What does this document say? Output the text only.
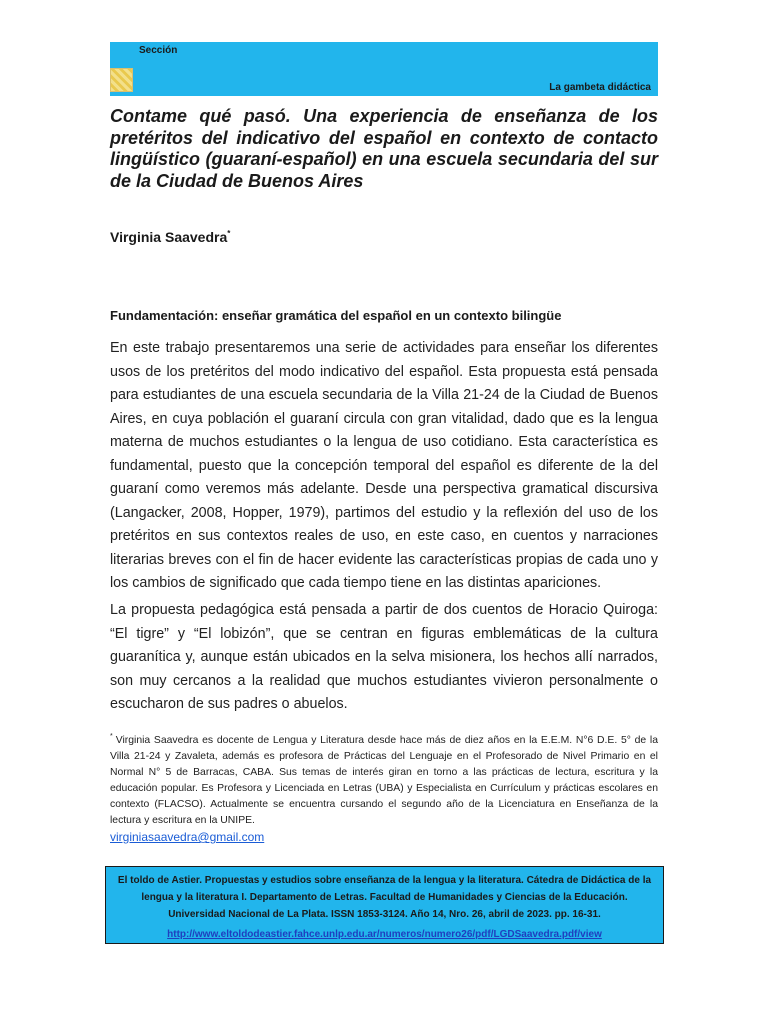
Sección
La gambeta didáctica
Contame qué pasó. Una experiencia de enseñanza de los pretéritos del indicativo del español en contexto de contacto lingüístico (guaraní-español) en una escuela secundaria del sur de la Ciudad de Buenos Aires

Virginia Saavedra*

Fundamentación: enseñar gramática del español en un contexto bilingüe

En este trabajo presentaremos una serie de actividades para enseñar los diferentes usos de los pretéritos del modo indicativo del español. Esta propuesta está pensada para estudiantes de una escuela secundaria de la Villa 21-24 de la Ciudad de Buenos Aires, en cuya población el guaraní circula con gran vitalidad, dado que es la lengua materna de muchos estudiantes o la lengua de uso cotidiano. Esta característica es fundamental, puesto que la concepción temporal del español es diferente de la del guaraní como veremos más adelante. Desde una perspectiva gramatical discursiva (Langacker, 2008, Hopper, 1979), partimos del estudio y la reflexión del uso de los pretéritos en sus contextos reales de uso, en este caso, en cuentos y narraciones literarias breves con el fin de hacer evidente las características propias de cada uno y los cambios de significado que cada tiempo tiene en las distintas apariciones.

La propuesta pedagógica está pensada a partir de dos cuentos de Horacio Quiroga: “El tigre” y “El lobizón”, que se centran en figuras emblemáticas de la cultura guaranítica y, aunque están ubicados en la selva misionera, los hechos allí narrados, son muy cercanos a la realidad que muchos estudiantes vivieron personalmente o escucharon de sus padres o abuelos.

* Virginia Saavedra es docente de Lengua y Literatura desde hace más de diez años en la E.E.M. N°6 D.E. 5° de la Villa 21-24 y Zavaleta, además es profesora de Prácticas del Lenguaje en el Profesorado de Nivel Primario en el Normal N° 5 de Barracas, CABA. Sus temas de interés giran en torno a las prácticas de lectura, escritura y la educación popular. Es Profesora y Licenciada en Letras (UBA) y Especialista en Currículum y prácticas escolares en contexto (FLACSO). Actualmente se encuentra cursando el segundo año de la Licenciatura en Enseñanza de la lectura y escritura en la UNIPE.
virginiasaavedra@gmail.com

El toldo de Astier. Propuestas y estudios sobre enseñanza de la lengua y la literatura. Cátedra de Didáctica de la lengua y la literatura I. Departamento de Letras. Facultad de Humanidades y Ciencias de la Educación. Universidad Nacional de La Plata. ISSN 1853-3124. Año 14, Nro. 26, abril de 2023. pp. 16-31.

http://www.eltoldodeastier.fahce.unlp.edu.ar/numeros/numero26/pdf/LGDSaavedra.pdf/view
